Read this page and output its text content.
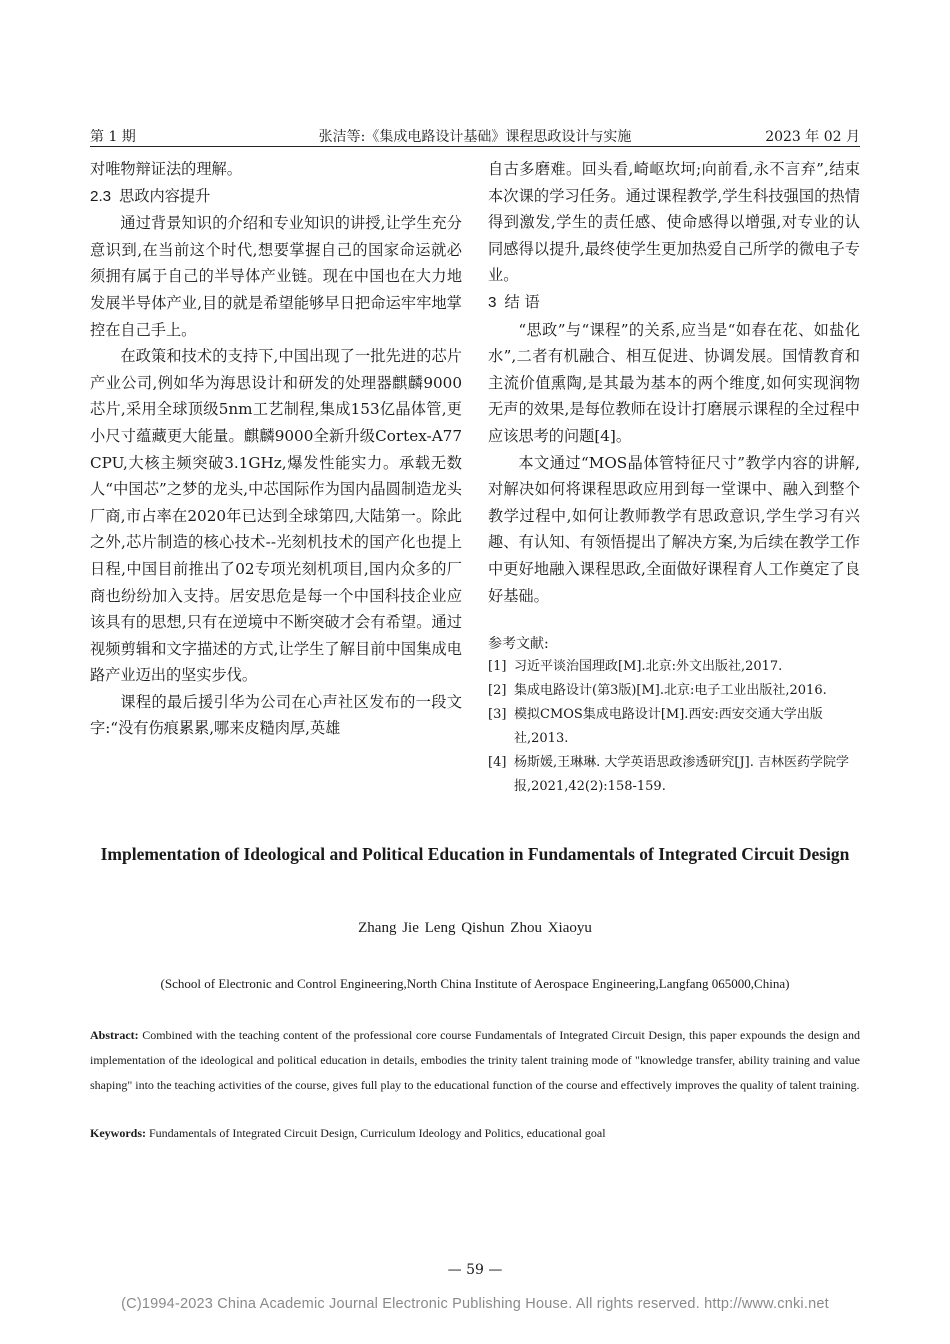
第 1 期	张洁等:《集成电路设计基础》课程思政设计与实施	2023 年 02 月

对唯物辩证法的理解。

2.3 思政内容提升

通过背景知识的介绍和专业知识的讲授,让学生充分意识到,在当前这个时代,想要掌握自己的国家命运就必须拥有属于自己的半导体产业链。现在中国也在大力地发展半导体产业,目的就是希望能够早日把命运牢牢地掌控在自己手上。

在政策和技术的支持下,中国出现了一批先进的芯片产业公司,例如华为海思设计和研发的处理器麒麟9000芯片,采用全球顶级5nm工艺制程,集成153亿晶体管,更小尺寸蕴藏更大能量。麒麟9000全新升级Cortex-A77 CPU,大核主频突破3.1GHz,爆发性能实力。承载无数人“中国芯”之梦的龙头,中芯国际作为国内晶圆制造龙头厂商,市占率在2020年已达到全球第四,大陆第一。除此之外,芯片制造的核心技术--光刻机技术的国产化也提上日程,中国目前推出了02专项光刻机项目,国内众多的厂商也纷纷加入支持。居安思危是每一个中国科技企业应该具有的思想,只有在逆境中不断突破才会有希望。通过视频剪辑和文字描述的方式,让学生了解目前中国集成电路产业迈出的坚实步伐。

课程的最后援引华为公司在心声社区发布的一段文字:“没有伤痕累累,哪来皮糙肉厚,英雄

自古多磨难。回头看,崎岖坎坷;向前看,永不言弃”,结束本次课的学习任务。通过课程教学,学生科技强国的热情得到激发,学生的责任感、使命感得以增强,对专业的认同感得以提升,最终使学生更加热爱自己所学的微电子专业。

3 结 语

“思政”与“课程”的关系,应当是“如春在花、如盐化水”,二者有机融合、相互促进、协调发展。国情教育和主流价值熏陶,是其最为基本的两个维度,如何实现润物无声的效果,是每位教师在设计打磨展示课程的全过程中应该思考的问题[4]。

本文通过“MOS晶体管特征尺寸”教学内容的讲解,对解决如何将课程思政应用到每一堂课中、融入到整个教学过程中,如何让教师教学有思政意识,学生学习有兴趣、有认知、有领悟提出了解决方案,为后续在教学工作中更好地融入课程思政,全面做好课程育人工作奠定了良好基础。

参考文献:
[1] 习近平谈治国理政[M].北京:外文出版社,2017.
[2] 集成电路设计(第3版)[M].北京:电子工业出版社,2016.
[3] 模拟CMOS集成电路设计[M].西安:西安交通大学出版社,2013.
[4] 杨斯媛,王琳琳. 大学英语思政渗透研究[J]. 吉林医药学院学报,2021,42(2):158-159.
Implementation of Ideological and Political Education in Fundamentals of Integrated Circuit Design
Zhang Jie Leng Qishun Zhou Xiaoyu
(School of Electronic and Control Engineering,North China Institute of Aerospace Engineering,Langfang 065000,China)
Abstract: Combined with the teaching content of the professional core course Fundamentals of Integrated Circuit Design, this paper expounds the design and implementation of the ideological and political education in details, embodies the trinity talent training mode of "knowledge transfer, ability training and value shaping" into the teaching activities of the course, gives full play to the educational function of the course and effectively improves the quality of talent training.
Keywords: Fundamentals of Integrated Circuit Design, Curriculum Ideology and Politics, educational goal
— 59 —
(C)1994-2023 China Academic Journal Electronic Publishing House. All rights reserved. http://www.cnki.net
